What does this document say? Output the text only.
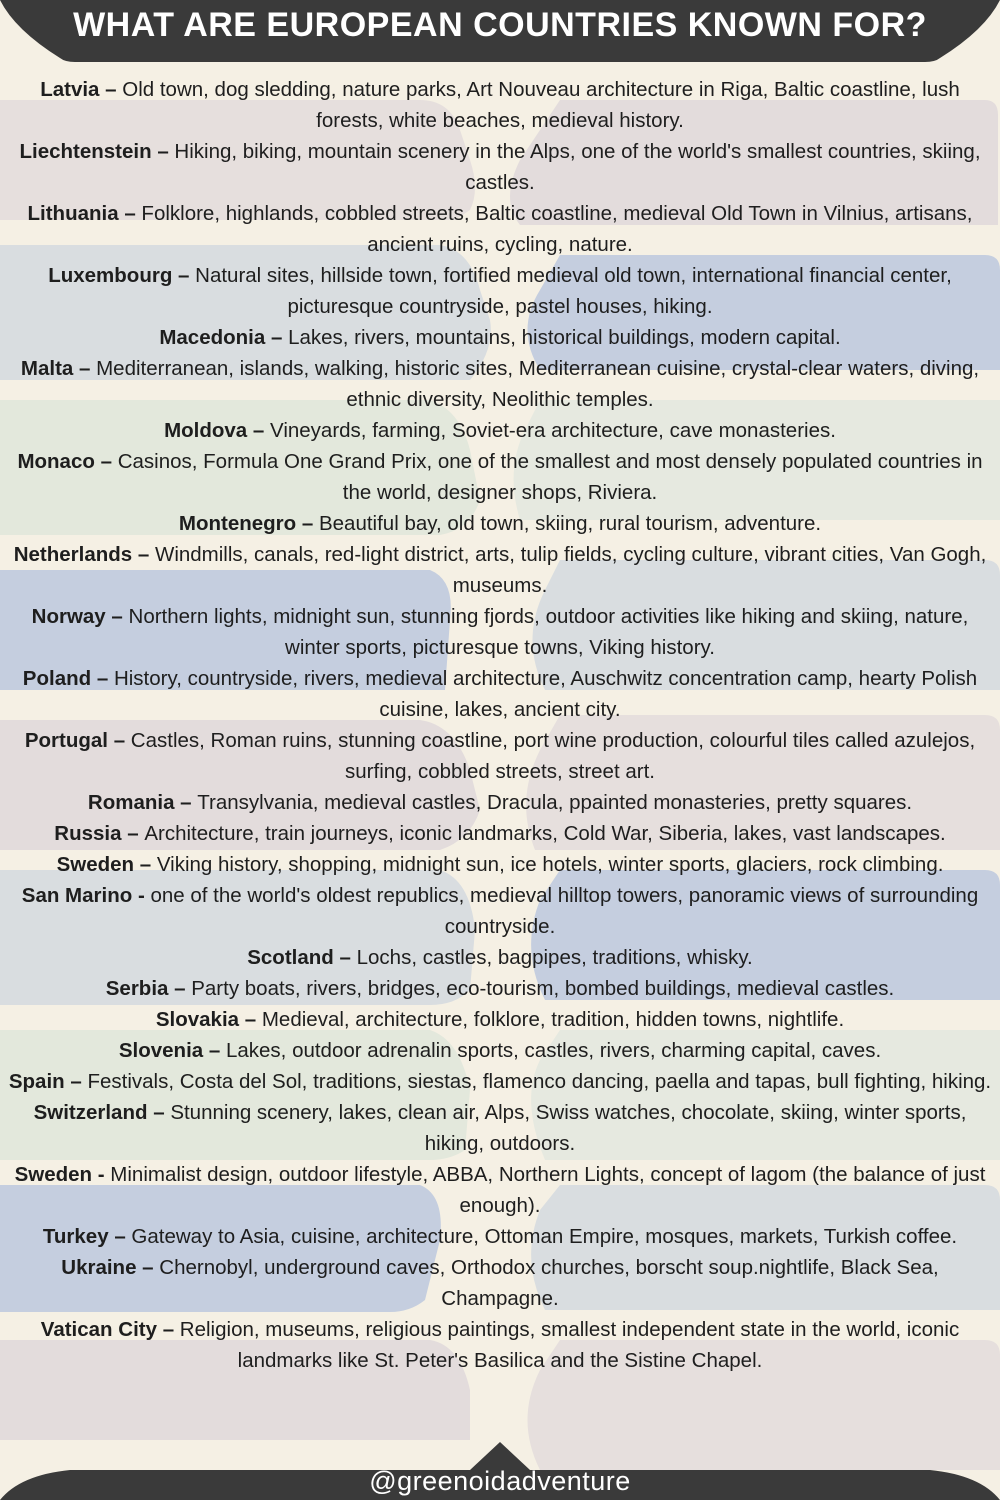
WHAT ARE EUROPEAN COUNTRIES KNOWN FOR?
Latvia – Old town, dog sledding, nature parks, Art Nouveau architecture in Riga, Baltic coastline, lush forests, white beaches, medieval history.
Liechtenstein – Hiking, biking, mountain scenery in the Alps, one of the world's smallest countries, skiing, castles.
Lithuania – Folklore, highlands, cobbled streets, Baltic coastline, medieval Old Town in Vilnius, artisans, ancient ruins, cycling, nature.
Luxembourg – Natural sites, hillside town, fortified medieval old town, international financial center, picturesque countryside, pastel houses, hiking.
Macedonia – Lakes, rivers, mountains, historical buildings, modern capital.
Malta – Mediterranean, islands, walking, historic sites, Mediterranean cuisine, crystal-clear waters, diving, ethnic diversity, Neolithic temples.
Moldova – Vineyards, farming, Soviet-era architecture, cave monasteries.
Monaco – Casinos, Formula One Grand Prix, one of the smallest and most densely populated countries in the world, designer shops, Riviera.
Montenegro – Beautiful bay, old town, skiing, rural tourism, adventure.
Netherlands – Windmills, canals, red-light district, arts, tulip fields, cycling culture, vibrant cities, Van Gogh, museums.
Norway – Northern lights, midnight sun, stunning fjords, outdoor activities like hiking and skiing, nature, winter sports, picturesque towns, Viking history.
Poland – History, countryside, rivers, medieval architecture, Auschwitz concentration camp, hearty Polish cuisine, lakes, ancient city.
Portugal – Castles, Roman ruins, stunning coastline, port wine production, colourful tiles called azulejos, surfing, cobbled streets, street art.
Romania – Transylvania, medieval castles, Dracula, ppainted monasteries, pretty squares.
Russia – Architecture, train journeys, iconic landmarks, Cold War, Siberia, lakes, vast landscapes.
Sweden – Viking history, shopping, midnight sun, ice hotels, winter sports, glaciers, rock climbing.
San Marino - one of the world's oldest republics, medieval hilltop towers, panoramic views of surrounding countryside.
Scotland – Lochs, castles, bagpipes, traditions, whisky.
Serbia – Party boats, rivers, bridges, eco-tourism, bombed buildings, medieval castles.
Slovakia – Medieval, architecture, folklore, tradition, hidden towns, nightlife.
Slovenia – Lakes, outdoor adrenalin sports, castles, rivers, charming capital, caves.
Spain – Festivals, Costa del Sol, traditions, siestas, flamenco dancing, paella and tapas, bull fighting, hiking.
Switzerland – Stunning scenery, lakes, clean air, Alps, Swiss watches, chocolate, skiing, winter sports, hiking, outdoors.
Sweden - Minimalist design, outdoor lifestyle, ABBA, Northern Lights, concept of lagom (the balance of just enough).
Turkey – Gateway to Asia, cuisine, architecture, Ottoman Empire, mosques, markets, Turkish coffee.
Ukraine – Chernobyl, underground caves, Orthodox churches, borscht soup.nightlife, Black Sea, Champagne.
Vatican City – Religion, museums, religious paintings, smallest independent state in the world, iconic landmarks like St. Peter's Basilica and the Sistine Chapel.
@greenoidadventure
